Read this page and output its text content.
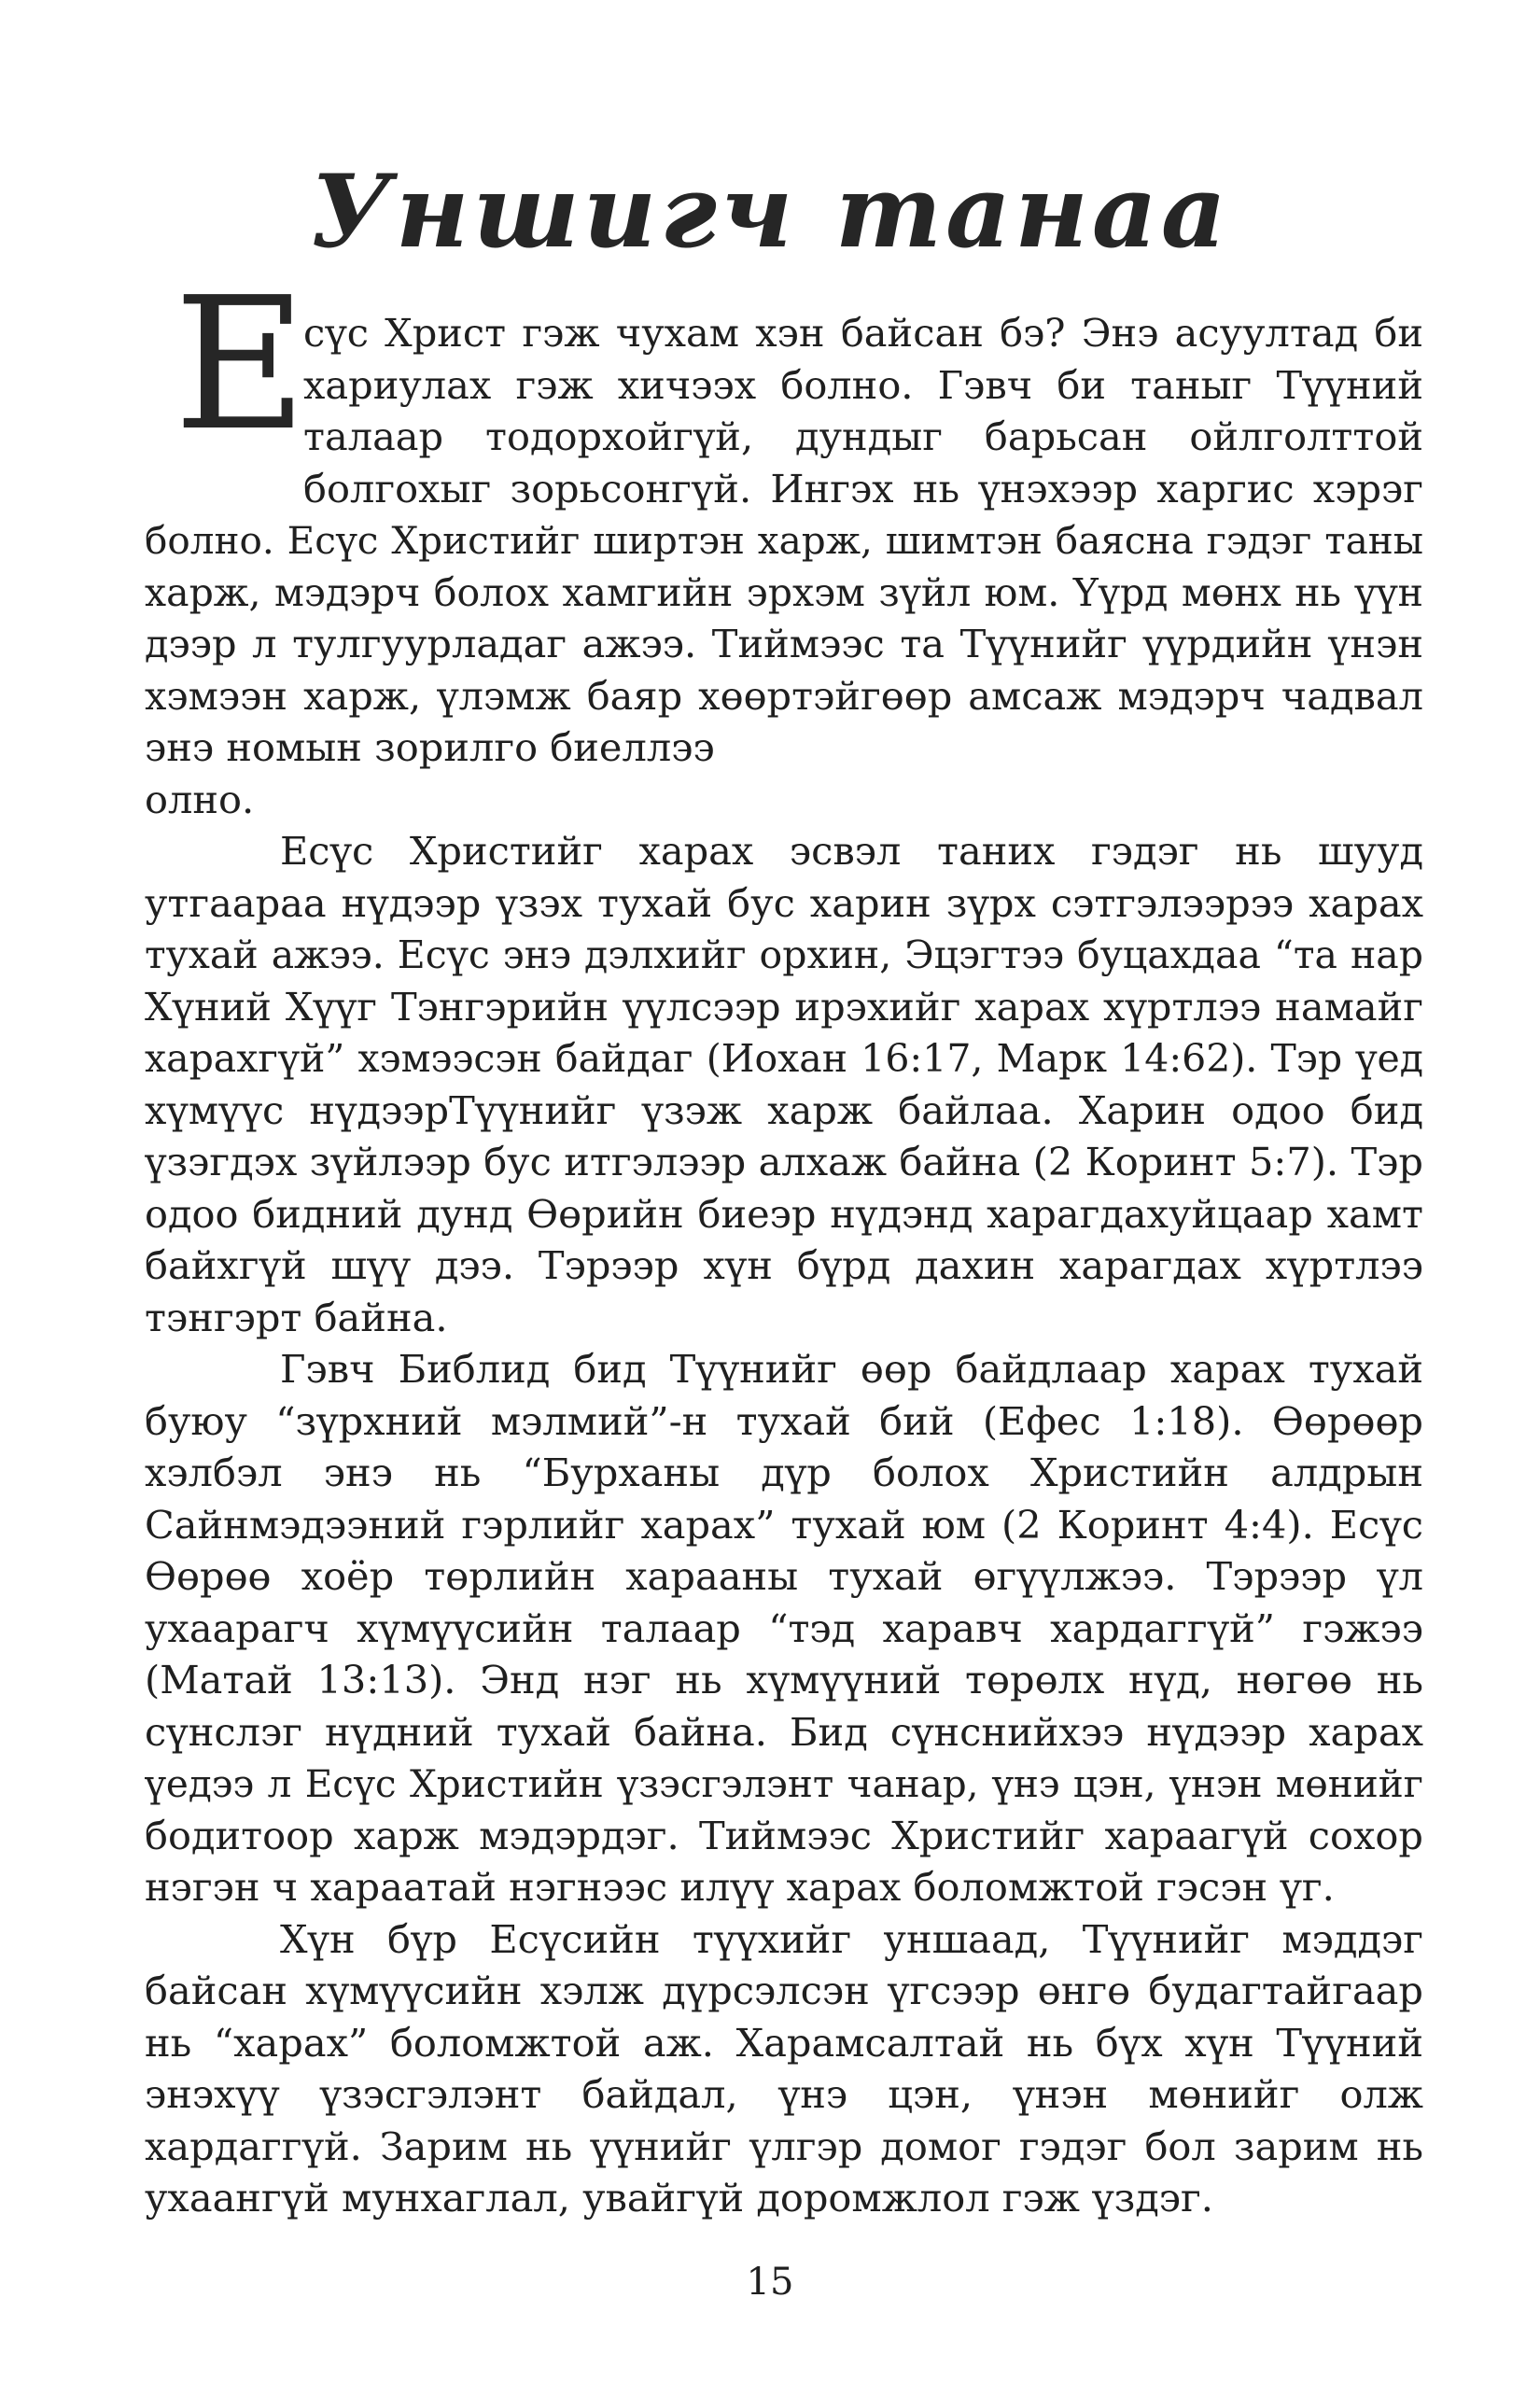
Уншигч танаа
Е
сүс Христ гэж чухам хэн байсан бэ? Энэ асуултад би
хариулах гэж хичээх болно. Гэвч би таныг Түүний
талаар тодорхойгүй, дундыг барьсан ойлголттой
болгохыг зорьсонгүй. Ингэх нь үнэхээр харгис хэрэг
болно. Есүс Христийг ширтэн харж, шимтэн баясна гэдэг таны
харж, мэдэрч болох хамгийн эрхэм зүйл юм. Үүрд мөнх нь үүн
дээр л тулгуурладаг ажээ. Тиймээс та Түүнийг үүрдийн үнэн
хэмээн харж, үлэмж баяр хөөртэйгөөр амсаж мэдэрч чадвал
энэ номын зорилго биеллээ
олно.
Есүс Христийг харах эсвэл таних гэдэг нь шууд
утгаараа нүдээр үзэх тухай бус харин зүрх сэтгэлээрээ харах
тухай ажээ. Есүс энэ дэлхийг орхин, Эцэгтээ буцахдаа “та нар
Хүний Хүүг Тэнгэрийн үүлсээр ирэхийг харах хүртлээ намайг
харахгүй” хэмээсэн байдаг (Иохан 16:17, Марк 14:62). Тэр үед
хүмүүс нүдээрТүүнийг үзэж харж байлаа. Харин одоо бид
үзэгдэх зүйлээр бус итгэлээр алхаж байна (2 Коринт 5:7). Тэр
одоо бидний дунд Өөрийн биеэр нүдэнд харагдахуйцаар хамт
байхгүй шүү дээ. Тэрээр хүн бүрд дахин харагдах хүртлээ
тэнгэрт байна.
Гэвч Библид бид Түүнийг өөр байдлаар харах тухай
буюу “зүрхний мэлмий”-н тухай бий (Ефес 1:18). Өөрөөр
хэлбэл энэ нь “Бурханы дүр болох Христийн алдрын
Сайнмэдээний гэрлийг харах” тухай юм (2 Коринт 4:4). Есүс
Өөрөө хоёр төрлийн харааны тухай өгүүлжээ. Тэрээр үл
ухаарагч хүмүүсийн талаар “тэд харавч хардаггүй” гэжээ
(Матай 13:13). Энд нэг нь хүмүүний төрөлх нүд, нөгөө нь
сүнслэг нүдний тухай байна. Бид сүнснийхээ нүдээр харах
үедээ л Есүс Христийн үзэсгэлэнт чанар, үнэ цэн, үнэн мөнийг
бодитоор харж мэдэрдэг. Тиймээс Христийг хараагүй сохор
нэгэн ч хараатай нэгнээс илүү харах боломжтой гэсэн үг.
Хүн бүр Есүсийн түүхийг уншаад, Түүнийг мэддэг
байсан хүмүүсийн хэлж дүрсэлсэн үгсээр өнгө будагтайгаар
нь “харах” боломжтой аж. Харамсалтай нь бүх хүн Түүний
энэхүү үзэсгэлэнт байдал, үнэ цэн, үнэн мөнийг олж
хардаггүй. Зарим нь үүнийг үлгэр домог гэдэг бол зарим нь
ухаангүй мунхаглал, увайгүй доромжлол гэж үздэг.
15
